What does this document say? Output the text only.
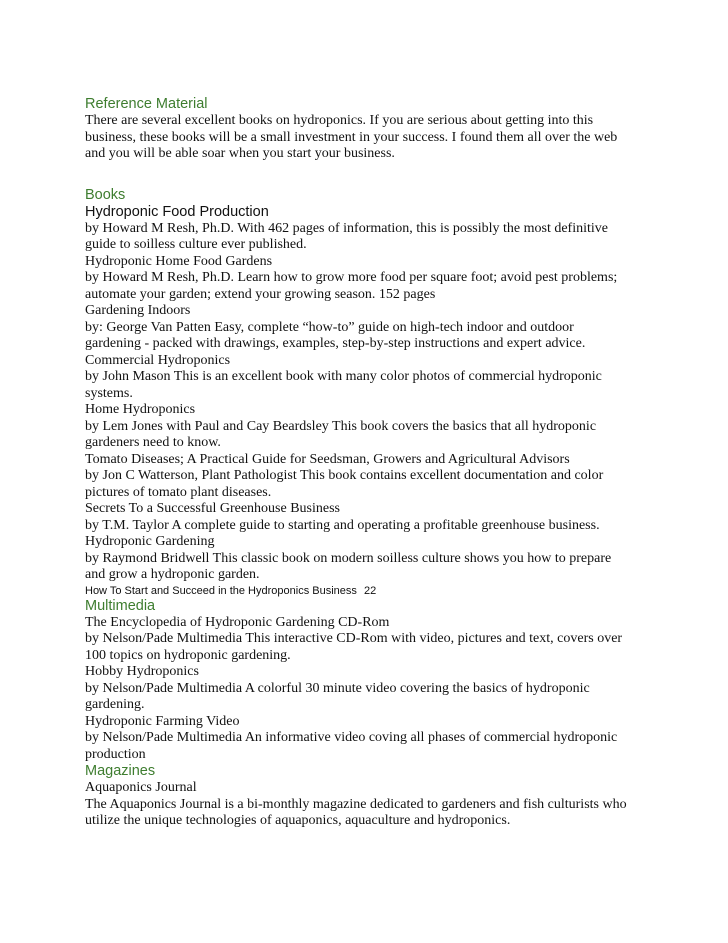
Reference Material

There are several excellent books on hydroponics. If you are serious about getting into this

business, these books will be a small investment in your success. I found them all over the web

and you will be able soar when you start your business.

Books
Hydroponic Food Production

by Howard M Resh, Ph.D. With 462 pages of information, this is possibly the most definitive

guide to soilless culture ever published.

Hydroponic Home Food Gardens

by Howard M Resh, Ph.D. Learn how to grow more food per square foot; avoid pest problems;

automate your garden; extend your growing season. 152 pages

Gardening Indoors

by: George Van Patten Easy, complete “how-to” guide on high-tech indoor and outdoor

gardening - packed with drawings, examples, step-by-step instructions and expert advice.

Commercial Hydroponics

by John Mason This is an excellent book with many color photos of commercial hydroponic

systems.

Home Hydroponics

by Lem Jones with Paul and Cay Beardsley This book covers the basics that all hydroponic

gardeners need to know.

Tomato Diseases; A Practical Guide for Seedsman, Growers and Agricultural Advisors

by Jon C Watterson, Plant Pathologist This book contains excellent documentation and color

pictures of tomato plant diseases.

Secrets To a Successful Greenhouse Business

by T.M. Taylor A complete guide to starting and operating a profitable greenhouse business.

Hydroponic Gardening

by Raymond Bridwell This classic book on modern soilless culture shows you how to prepare

and grow a hydroponic garden.

How To Start and Succeed in the Hydroponics Business 22
Multimedia

The Encyclopedia of Hydroponic Gardening CD-Rom

by Nelson/Pade Multimedia This interactive CD-Rom with video, pictures and text, covers over

100 topics on hydroponic gardening.

Hobby Hydroponics

by Nelson/Pade Multimedia A colorful 30 minute video covering the basics of hydroponic

gardening.

Hydroponic Farming Video

by Nelson/Pade Multimedia An informative video coving all phases of commercial hydroponic

production

Magazines

Aquaponics Journal

The Aquaponics Journal is a bi-monthly magazine dedicated to gardeners and fish culturists who

utilize the unique technologies of aquaponics, aquaculture and hydroponics.
